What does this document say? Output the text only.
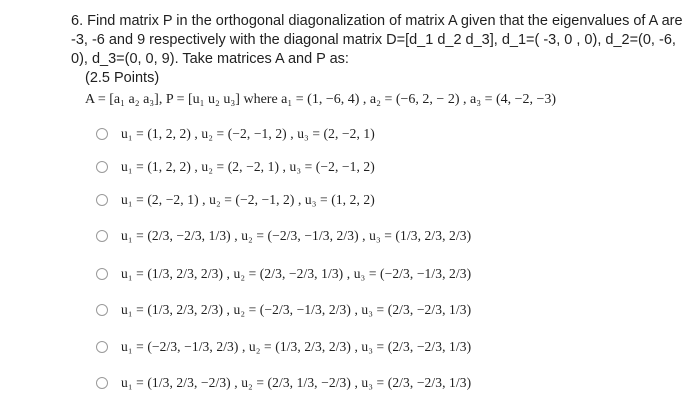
6. Find matrix P in the orthogonal diagonalization of matrix A given that the eigenvalues of A are -3, -6 and 9 respectively with the diagonal matrix D=[d_1 d_2 d_3], d_1=( -3, 0 , 0), d_2=(0, -6, 0), d_3=(0, 0, 9). Take matrices A and P as:
(2.5 Points)
A = [a₁ a₂ a₃], P = [u₁ u₂ u₃] where a₁ = (1, −6, 4) , a₂ = (−6, 2, − 2) , a₃ = (4, −2, −3)
u₁ = (1, 2, 2) , u₂ = (−2, −1, 2) , u₃ = (2, −2, 1)
u₁ = (1, 2, 2) , u₂ = (2, −2, 1) , u₃ = (−2, −1, 2)
u₁ = (2, −2, 1) , u₂ = (−2, −1, 2) , u₃ = (1, 2, 2)
u₁ = (2/3, −2/3, 1/3) , u₂ = (−2/3, −1/3, 2/3) , u₃ = (1/3, 2/3, 2/3)
u₁ = (1/3, 2/3, 2/3) , u₂ = (2/3, −2/3, 1/3) , u₃ = (−2/3, −1/3, 2/3)
u₁ = (1/3, 2/3, 2/3) , u₂ = (−2/3, −1/3, 2/3) , u₃ = (2/3, −2/3, 1/3)
u₁ = (−2/3, −1/3, 2/3) , u₂ = (1/3, 2/3, 2/3) , u₃ = (2/3, −2/3, 1/3)
u₁ = (1/3, 2/3, −2/3) , u₂ = (2/3, 1/3, −2/3) , u₃ = (2/3, −2/3, 1/3)
